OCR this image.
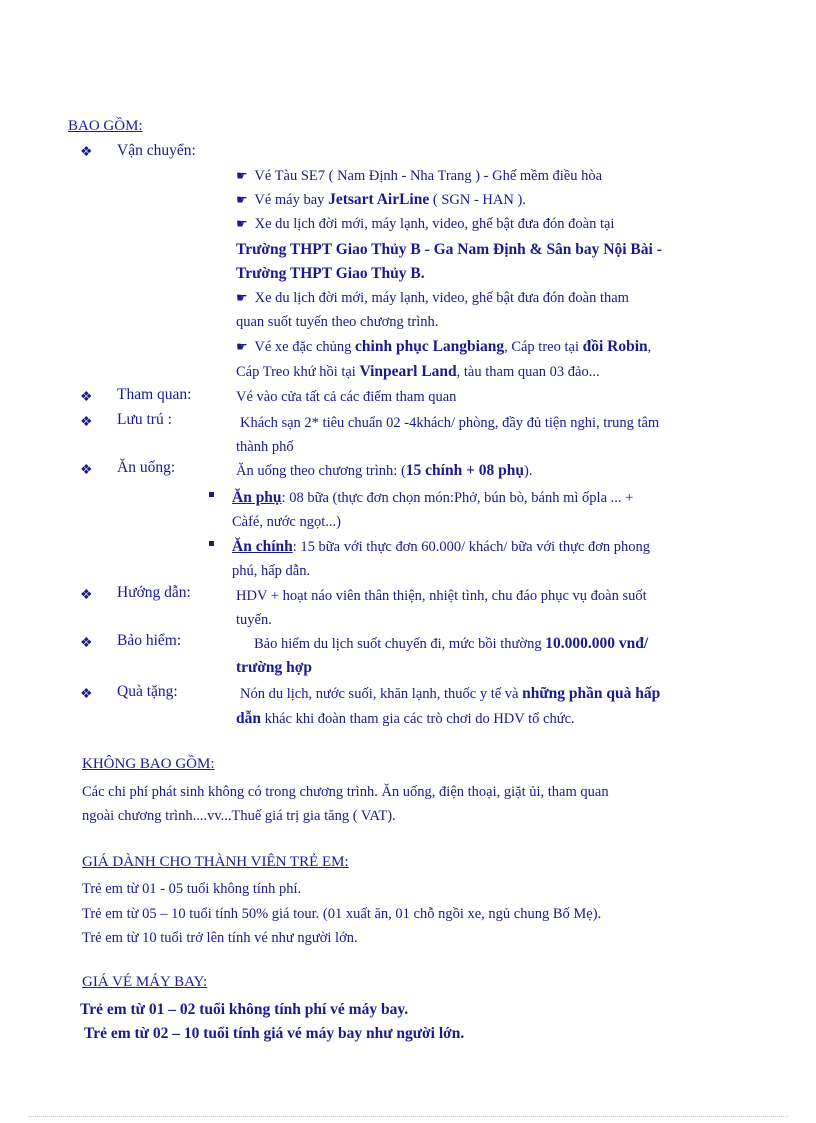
BAO GỒM:
❖ Vận chuyển:
☛ Vé Tàu SE7 ( Nam Định - Nha Trang ) - Ghế mềm điều hòa
☛ Vé máy bay Jetsart AirLine ( SGN - HAN ).
☛ Xe du lịch đời mới, máy lạnh, video, ghế bật đưa đón đoàn tại
Trường THPT Giao Thủy B - Ga Nam Định & Sân bay Nội Bài -
Trường THPT Giao Thủy B.
☛ Xe du lịch đời mới, máy lạnh, video, ghế bật đưa đón đoàn tham
quan suốt tuyến theo chương trình.
☛ Vé xe đặc chủng chinh phục Langbiang, Cáp treo tại đồi Robin,
Cáp Treo khứ hồi tại Vinpearl Land, tàu tham quan 03 đảo...
❖ Tham quan:	Vé vào cửa tất cả các điểm tham quan
❖ Lưu trú :	Khách sạn 2* tiêu chuẩn 02 -4khách/ phòng, đầy đủ tiện nghi, trung tâm
thành phố
❖ Ăn uống:	Ăn uống theo chương trình: (15 chính + 08 phụ).
Ăn phụ: 08 bữa (thực đơn chọn món:Phở, bún bò, bánh mì ốpla ... +
Càfé, nước ngọt...)
Ăn chính: 15 bữa với thực đơn 60.000/ khách/ bữa với thực đơn phong
phú, hấp dẫn.
❖ Hướng dẫn:	HDV + hoạt náo viên thân thiện, nhiệt tình, chu đáo phục vụ đoàn suốt
tuyến.
❖ Bảo hiểm:	Bảo hiểm du lịch suốt chuyến đi, mức bồi thường 10.000.000 vnđ/
trường hợp
❖ Quà tặng:	Nón du lịch, nước suối, khăn lạnh, thuốc y tế và những phần quà hấp
dẫn khác khi đoàn tham gia các trò chơi do HDV tổ chức.
KHÔNG BAO GỒM:
Các chi phí phát sinh không có trong chương trình. Ăn uống, điện thoại, giặt ủi, tham quan
ngoài chương trình....vv...Thuế giá trị gia tăng ( VAT).
GIÁ DÀNH CHO THÀNH VIÊN TRẺ EM:
Trẻ em từ 01 - 05 tuổi không tính phí.
Trẻ em từ 05 – 10 tuổi tính 50% giá tour. (01 xuất ăn, 01 chỗ ngồi xe, ngủ chung Bố Mẹ).
Trẻ em từ 10 tuổi trở lên tính vé như người lớn.
GIÁ VÉ MÁY BAY:
Trẻ em từ 01 – 02 tuổi không tính phí vé máy bay.
Trẻ em từ 02 – 10 tuổi tính giá vé máy bay như người lớn.
